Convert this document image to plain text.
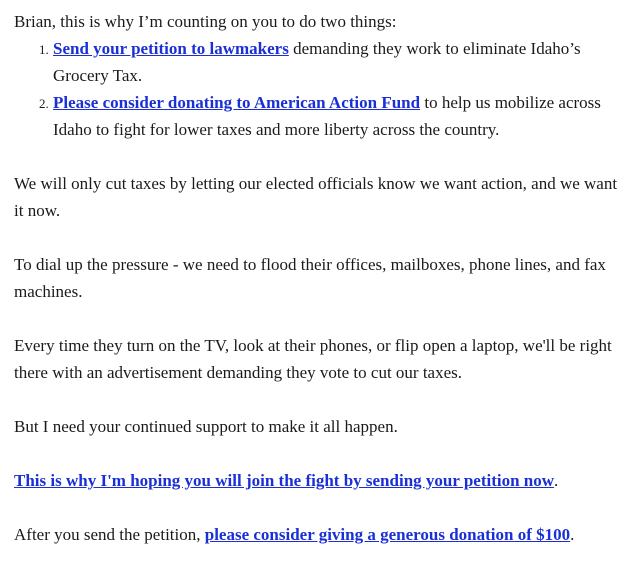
Brian, this is why I’m counting on you to do two things:

1. Send your petition to lawmakers demanding they work to eliminate Idaho’s Grocery Tax.
2. Please consider donating to American Action Fund to help us mobilize across Idaho to fight for lower taxes and more liberty across the country.

We will only cut taxes by letting our elected officials know we want action, and we want it now.

To dial up the pressure - we need to flood their offices, mailboxes, phone lines, and fax machines.

Every time they turn on the TV, look at their phones, or flip open a laptop, we'll be right there with an advertisement demanding they vote to cut our taxes.

But I need your continued support to make it all happen.

This is why I'm hoping you will join the fight by sending your petition now.

After you send the petition, please consider giving a generous donation of $100.
